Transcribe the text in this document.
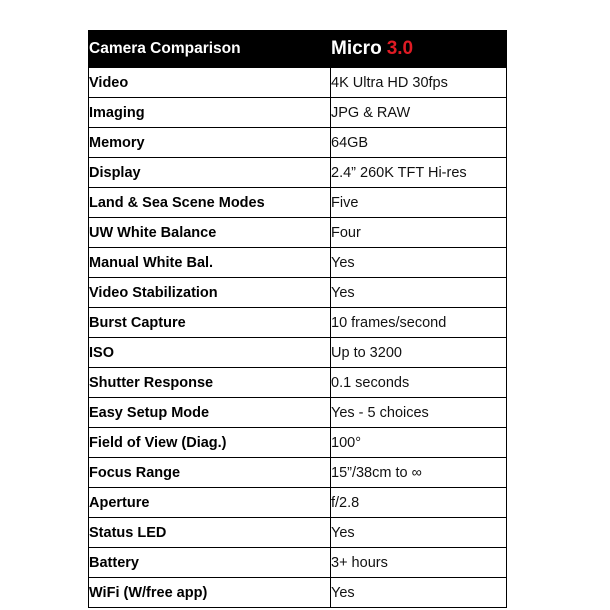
Camera Comparison	Micro 3.0
Video	4K Ultra HD 30fps
Imaging	JPG & RAW
Memory	64GB
Display	2.4” 260K TFT Hi-res
Land & Sea Scene Modes	Five
UW White Balance	Four
Manual White Bal.	Yes
Video Stabilization	Yes
Burst Capture	10 frames/second
ISO	Up to 3200
Shutter Response	0.1 seconds
Easy Setup Mode	Yes - 5 choices
Field of View (Diag.)	100°
Focus Range	15”/38cm to ∞
Aperture	f/2.8
Status LED	Yes
Battery	3+ hours
WiFi (W/free app)	Yes
